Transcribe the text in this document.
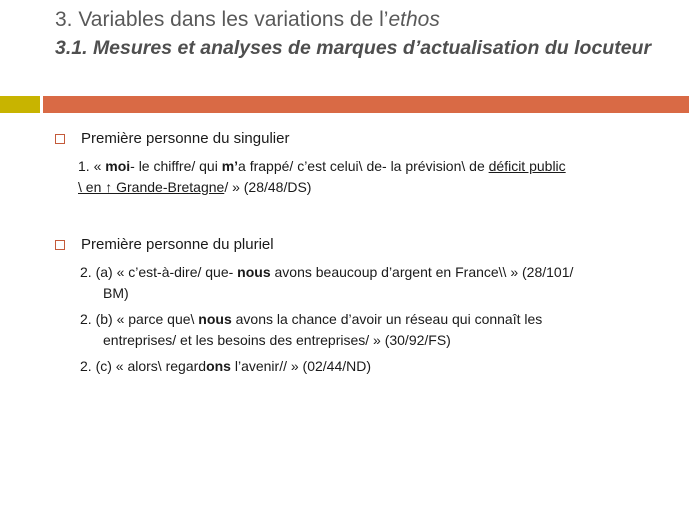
3. Variables dans les variations de l’ethos
3.1. Mesures et analyses de marques d’actualisation du locuteur
Première personne du singulier
1. « moi- le chiffre/ qui m’a frappé/ c’est celui\ de- la prévision\ de déficit public
\ en ↑ Grande-Bretagne/ » (28/48/DS)
Première personne du pluriel
2. (a) « c’est-à-dire/ que- nous avons beaucoup d’argent en France\\ » (28/101/
BM)
2. (b) « parce que\ nous avons la chance d’avoir un réseau qui connaît les
entreprises/ et les besoins des entreprises/ » (30/92/FS)
2. (c) « alors\ regardons l’avenir// » (02/44/ND)
